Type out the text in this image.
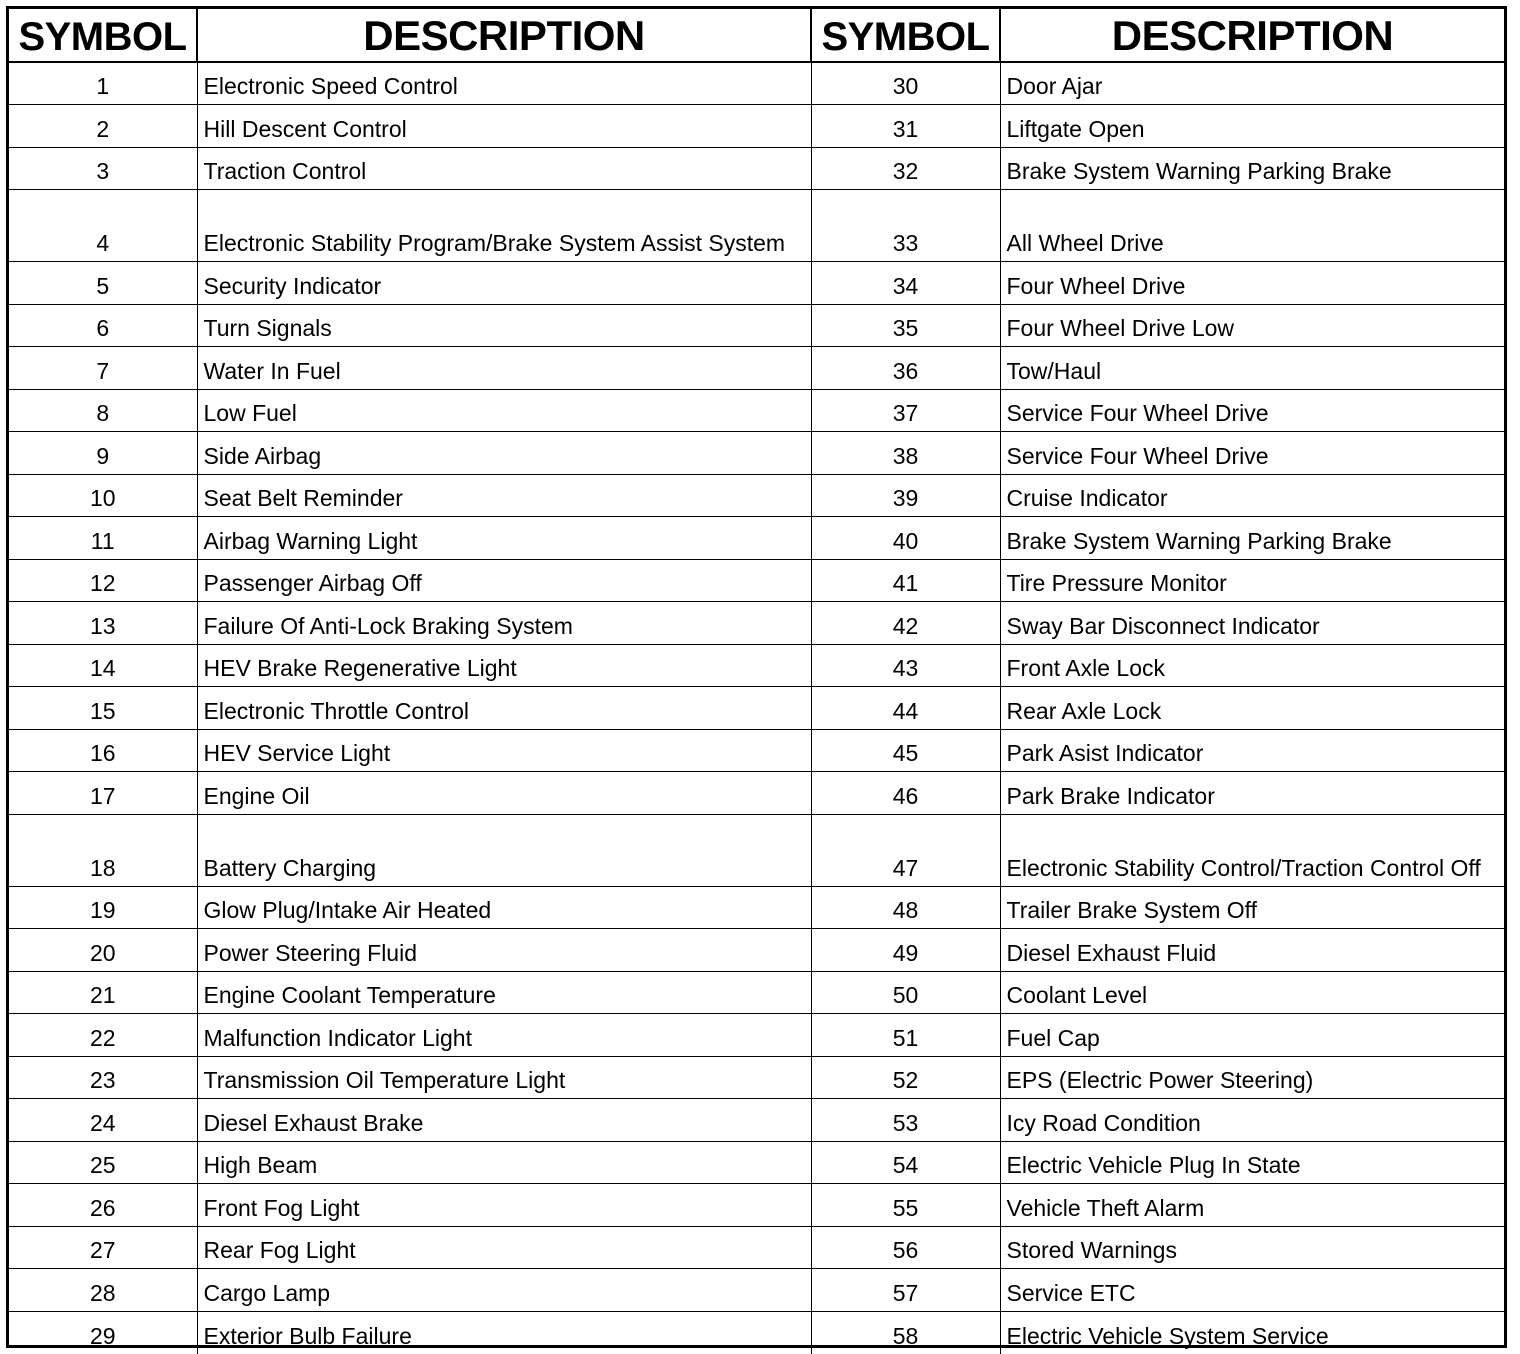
SYMBOL	DESCRIPTION	SYMBOL	DESCRIPTION
1	Electronic Speed Control	30	Door Ajar
2	Hill Descent Control	31	Liftgate Open
3	Traction Control	32	Brake System Warning Parking Brake
4	Electronic Stability Program/Brake System Assist System	33	All Wheel Drive
5	Security Indicator	34	Four Wheel Drive
6	Turn Signals	35	Four Wheel Drive Low
7	Water In Fuel	36	Tow/Haul
8	Low Fuel	37	Service Four Wheel Drive
9	Side Airbag	38	Service Four Wheel Drive
10	Seat Belt Reminder	39	Cruise Indicator
11	Airbag Warning Light	40	Brake System Warning Parking Brake
12	Passenger Airbag Off	41	Tire Pressure Monitor
13	Failure Of Anti-Lock Braking System	42	Sway Bar Disconnect Indicator
14	HEV Brake Regenerative Light	43	Front Axle Lock
15	Electronic Throttle Control	44	Rear Axle Lock
16	HEV Service Light	45	Park Asist Indicator
17	Engine Oil	46	Park Brake Indicator
18	Battery Charging	47	Electronic Stability Control/Traction Control Off
19	Glow Plug/Intake Air Heated	48	Trailer Brake System Off
20	Power Steering Fluid	49	Diesel Exhaust Fluid
21	Engine Coolant Temperature	50	Coolant Level
22	Malfunction Indicator Light	51	Fuel Cap
23	Transmission Oil Temperature Light	52	EPS (Electric Power Steering)
24	Diesel Exhaust Brake	53	Icy Road Condition
25	High Beam	54	Electric Vehicle Plug In State
26	Front Fog Light	55	Vehicle Theft Alarm
27	Rear Fog Light	56	Stored Warnings
28	Cargo Lamp	57	Service ETC
29	Exterior Bulb Failure	58	Electric Vehicle System Service
